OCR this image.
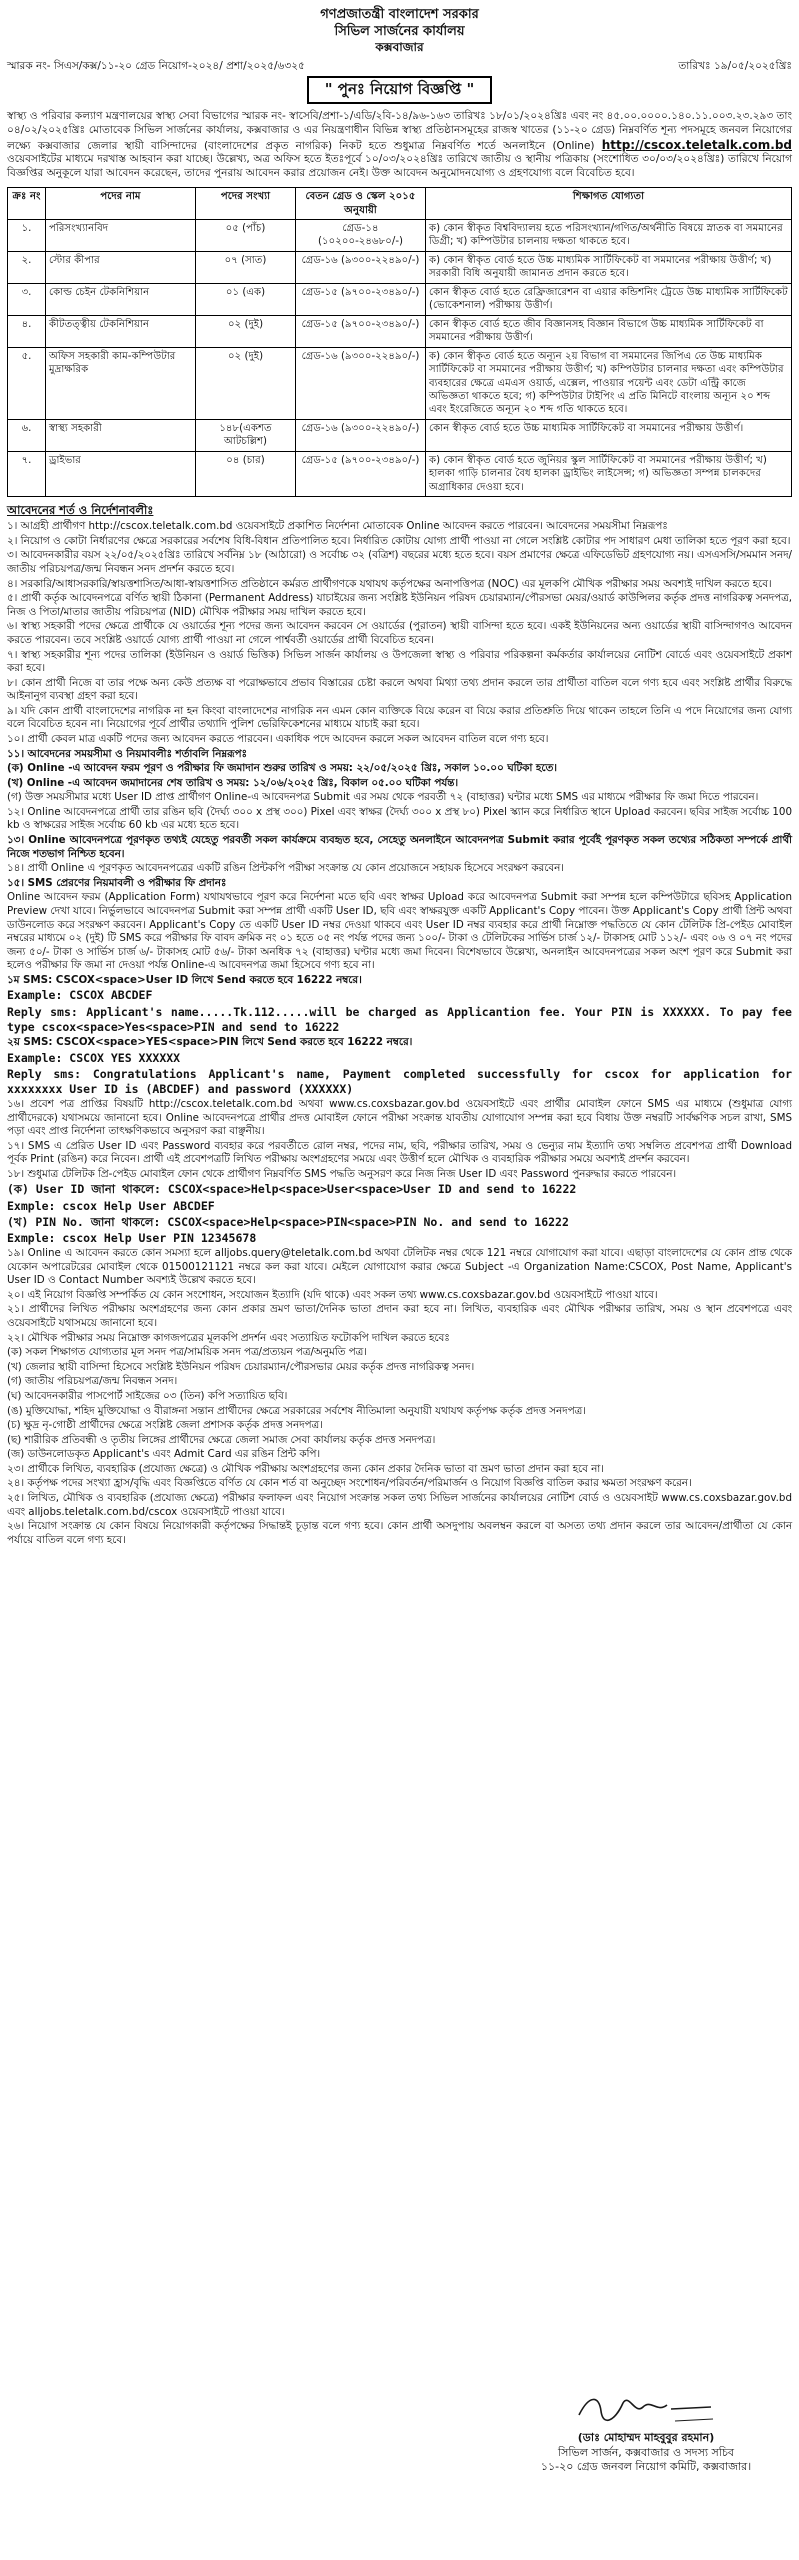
গণপ্রজাতন্ত্রী বাংলাদেশ সরকার
সিভিল সার্জনের কার্যালয়
কক্সবাজার
স্মারক নং- সিএস/কক্স/১১-২০ গ্রেড নিয়োগ-২০২৪/ প্রশা/২০২৫/৬৩২৫	তারিখঃ ১৯/০৫/২০২৫খ্রিঃ
" পুনঃ নিয়োগ বিজ্ঞপ্তি "

স্বাস্থ্য ও পরিবার কল্যাণ মন্ত্রণালয়ের স্বাস্থ্য সেবা বিভাগের স্মারক নং- স্বাসেবি/প্রশা-১/এডি/২বি-১৪/৯৬-১৬৩ তারিখঃ ১৮/০১/২০২৪খ্রিঃ এবং নং ৪৫.০০.০০০০.১৪০.১১.০০৩.২৩.২৯৩ তাং ০৪/০২/২০২৫খ্রিঃ মোতাবেক সিভিল সার্জনের কার্যালয়, কক্সবাজার ও এর নিয়ন্ত্রণাধীন বিভিন্ন স্বাস্থ্য প্রতিষ্ঠানসমূহের রাজস্ব খাতের (১১-২০ গ্রেড) নিম্নবর্ণিত শূন্য পদসমূহে জনবল নিয়োগের লক্ষ্যে কক্সবাজার জেলার স্থায়ী বাসিন্দাদের (বাংলাদেশের প্রকৃত নাগরিক) নিকট হতে শুধুমাত্র নিম্নবর্ণিত শর্তে অনলাইনে (Online) http://cscox.teletalk.com.bd ওয়েবসাইটের মাধ্যমে দরখাস্ত আহবান করা যাচ্ছে। উল্লেখ্য, অত্র অফিস হতে ইতঃপূর্বে ১০/০৩/২০২৪খ্রিঃ তারিখে জাতীয় ও স্থানীয় পত্রিকায় (সংশোধিত ৩০/০৩/২০২৪খ্রিঃ) তারিখে নিয়োগ বিজ্ঞপ্তির অনুকূলে যারা আবেদন করেছেন, তাদের পুনরায় আবেদন করার প্রয়োজন নেই। উক্ত আবেদন অনুমোদনযোগ্য ও গ্রহণযোগ্য বলে বিবেচিত হবে।

ক্রঃ নং	পদের নাম	পদের সংখ্যা	বেতন গ্রেড ও স্কেল ২০১৫ অনুযায়ী	শিক্ষাগত যোগ্যতা
১.	পরিসংখ্যানবিদ	০৫ (পাঁচ)	গ্রেড-১৪ (১০২০০-২৪৬৮০/-)	ক) কোন স্বীকৃত বিশ্ববিদ্যালয় হতে পরিসংখ্যান/গণিত/অর্থনীতি বিষয়ে স্নাতক বা সমমানের ডিগ্রী; খ) কম্পিউটার চালনায় দক্ষতা থাকতে হবে।
২.	স্টোর কীপার	০৭ (সাত)	গ্রেড-১৬ (৯৩০০-২২৪৯০/-)	ক) কোন স্বীকৃত বোর্ড হতে উচ্চ মাধ্যমিক সার্টিফিকেট বা সমমানের পরীক্ষায় উত্তীর্ণ; খ) সরকারী বিধি অনুযায়ী জামানত প্রদান করতে হবে।
৩.	কোল্ড চেইন টেকনিশিয়ান	০১ (এক)	গ্রেড-১৫ (৯৭০০-২৩৪৯০/-)	কোন স্বীকৃত বোর্ড হতে রেফ্রিজারেশন বা এয়ার কন্ডিশনিং ট্রেডে উচ্চ মাধ্যমিক সার্টিফিকেট (ভোকেশনাল) পরীক্ষায় উত্তীর্ণ।
৪.	কীটতত্ত্বীয় টেকনিশিয়ান	০২ (দুই)	গ্রেড-১৫ (৯৭০০-২৩৪৯০/-)	কোন স্বীকৃত বোর্ড হতে জীব বিজ্ঞানসহ বিজ্ঞান বিভাগে উচ্চ মাধ্যমিক সার্টিফিকেট বা সমমানের পরীক্ষায় উত্তীর্ণ।
৫.	অফিস সহকারী কাম-কম্পিউটার মুদ্রাক্ষরিক	০২ (দুই)	গ্রেড-১৬ (৯৩০০-২২৪৯০/-)	ক) কোন স্বীকৃত বোর্ড হতে অন্যূন ২য় বিভাগ বা সমমানের জিপিএ তে উচ্চ মাধ্যমিক সার্টিফিকেট বা সমমানের পরীক্ষায় উত্তীর্ণ; খ) কম্পিউটার চালনার দক্ষতা এবং কম্পিউটার ব্যবহারের ক্ষেত্রে এমএস ওয়ার্ড, এক্সেল, পাওয়ার পয়েন্ট এবং ডেটা এন্ট্রি কাজে অভিজ্ঞতা থাকতে হবে; গ) কম্পিউটার টাইপিং এ প্রতি মিনিটে বাংলায় অন্যূন ২০ শব্দ এবং ইংরেজিতে অন্যূন ২০ শব্দ গতি থাকতে হবে।
৬.	স্বাস্থ্য সহকারী	১৪৮(একশত আটচল্লিশ)	গ্রেড-১৬ (৯৩০০-২২৪৯০/-)	কোন স্বীকৃত বোর্ড হতে উচ্চ মাধ্যমিক সার্টিফিকেট বা সমমানের পরীক্ষায় উত্তীর্ণ।
৭.	ড্রাইভার	০৪ (চার)	গ্রেড-১৫ (৯৭০০-২৩৪৯০/-)	ক) কোন স্বীকৃত বোর্ড হতে জুনিয়র স্কুল সার্টিফিকেট বা সমমানের পরীক্ষায় উত্তীর্ণ; খ) হালকা গাড়ি চালনার বৈধ হালকা ড্রাইভিং লাইসেন্স; গ) অভিজ্ঞতা সম্পন্ন চালকদের অগ্রাধিকার দেওয়া হবে।
আবেদনের শর্ত ও নির্দেশনাবলীঃ

১। আগ্রহী প্রার্থীগণ http://cscox.teletalk.com.bd ওয়েবসাইটে প্রকাশিত নির্দেশনা মোতাবেক Online আবেদন করতে পারবেন। আবেদনের সময়সীমা নিম্নরূপঃ

২। নিয়োগ ও কোটা নির্ধারণের ক্ষেত্রে সরকারের সর্বশেষ বিধি-বিধান প্রতিপালিত হবে। নির্ধারিত কোটায় যোগ্য প্রার্থী পাওয়া না গেলে সংশ্লিষ্ট কোটার পদ সাধারণ মেধা তালিকা হতে পূরণ করা হবে।

৩। আবেদনকারীর বয়স ২২/০৫/২০২৫খ্রিঃ তারিখে সর্বনিম্ন ১৮ (আঠারো) ও সর্বোচ্চ ৩২ (বত্রিশ) বছরের মধ্যে হতে হবে। বয়স প্রমাণের ক্ষেত্রে এফিডেভিট গ্রহণযোগ্য নয়। এসএসসি/সমমান সনদ/জাতীয় পরিচয়পত্র/জন্ম নিবন্ধন সনদ প্রদর্শন করতে হবে।

৪। সরকারি/আধাসরকারি/স্বায়ত্তশাসিত/আধা-স্বায়ত্তশাসিত প্রতিষ্ঠানে কর্মরত প্রার্থীগণকে যথাযথ কর্তৃপক্ষের অনাপত্তিপত্র (NOC) এর মূলকপি মৌখিক পরীক্ষার সময় অবশ্যই দাখিল করতে হবে।

৫। প্রার্থী কর্তৃক আবেদনপত্রে বর্ণিত স্থায়ী ঠিকানা (Permanent Address) যাচাইয়ের জন্য সংশ্লিষ্ট ইউনিয়ন পরিষদ চেয়ারম্যান/পৌরসভা মেয়র/ওয়ার্ড কাউন্সিলর কর্তৃক প্রদত্ত নাগরিকত্ব সনদপত্র, নিজ ও পিতা/মাতার জাতীয় পরিচয়পত্র (NID) মৌখিক পরীক্ষার সময় দাখিল করতে হবে।

৬। স্বাস্থ্য সহকারী পদের ক্ষেত্রে প্রার্থীকে যে ওয়ার্ডের শূন্য পদের জন্য আবেদন করবেন সে ওয়ার্ডের (পুরাতন) স্থায়ী বাসিন্দা হতে হবে। একই ইউনিয়নের অন্য ওয়ার্ডের স্থায়ী বাসিন্দাগণও আবেদন করতে পারবেন। তবে সংশ্লিষ্ট ওয়ার্ডে যোগ্য প্রার্থী পাওয়া না গেলে পার্শ্ববর্তী ওয়ার্ডের প্রার্থী বিবেচিত হবেন।

৭। স্বাস্থ্য সহকারীর শূন্য পদের তালিকা (ইউনিয়ন ও ওয়ার্ড ভিত্তিক) সিভিল সার্জন কার্যালয় ও উপজেলা স্বাস্থ্য ও পরিবার পরিকল্পনা কর্মকর্তার কার্যালয়ের নোটিশ বোর্ডে এবং ওয়েবসাইটে প্রকাশ করা হবে।

৮। কোন প্রার্থী নিজে বা তার পক্ষে অন্য কেউ প্রত্যক্ষ বা পরোক্ষভাবে প্রভাব বিস্তারের চেষ্টা করলে অথবা মিথ্যা তথ্য প্রদান করলে তার প্রার্থীতা বাতিল বলে গণ্য হবে এবং সংশ্লিষ্ট প্রার্থীর বিরুদ্ধে আইনানুগ ব্যবস্থা গ্রহণ করা হবে।

৯। যদি কোন প্রার্থী বাংলাদেশের নাগরিক না হন কিংবা বাংলাদেশের নাগরিক নন এমন কোন ব্যক্তিকে বিয়ে করেন বা বিয়ে করার প্রতিশ্রুতি দিয়ে থাকেন তাহলে তিনি এ পদে নিয়োগের জন্য যোগ্য বলে বিবেচিত হবেন না। নিয়োগের পূর্বে প্রার্থীর তথ্যাদি পুলিশ ভেরিফিকেশনের মাধ্যমে যাচাই করা হবে।

১০। প্রার্থী কেবল মাত্র একটি পদের জন্য আবেদন করতে পারবেন। একাধিক পদে আবেদন করলে সকল আবেদন বাতিল বলে গণ্য হবে।

১১। আবেদনের সময়সীমা ও নিয়মাবলীঃ শর্তাবলি নিম্নরূপঃ

(ক) Online -এ আবেদন ফরম পূরণ ও পরীক্ষার ফি জমাদান শুরুর তারিখ ও সময়: ২২/০৫/২০২৫ খ্রিঃ, সকাল ১০.০০ ঘটিকা হতে।

(খ) Online -এ আবেদন জমাদানের শেষ তারিখ ও সময়: ১২/০৬/২০২৫ খ্রিঃ, বিকাল ০৫.০০ ঘটিকা পর্যন্ত।

(গ) উক্ত সময়সীমার মধ্যে User ID প্রাপ্ত প্রার্থীগণ Online-এ আবেদনপত্র Submit এর সময় থেকে পরবর্তী ৭২ (বাহাত্তর) ঘন্টার মধ্যে SMS এর মাধ্যমে পরীক্ষার ফি জমা দিতে পারবেন।

১২। Online আবেদনপত্রে প্রার্থী তার রঙিন ছবি (দৈর্ঘ্য ৩০০ x প্রস্থ ৩০০) Pixel এবং স্বাক্ষর (দৈর্ঘ্য ৩০০ x প্রস্থ ৮০) Pixel স্ক্যান করে নির্ধারিত স্থানে Upload করবেন। ছবির সাইজ সর্বোচ্চ 100 kb ও স্বাক্ষরের সাইজ সর্বোচ্চ 60 kb এর মধ্যে হতে হবে।

১৩। Online আবেদনপত্রে পূরণকৃত তথ্যই যেহেতু পরবর্তী সকল কার্যক্রমে ব্যবহৃত হবে, সেহেতু অনলাইনে আবেদনপত্র Submit করার পূর্বেই পূরণকৃত সকল তথ্যের সঠিকতা সম্পর্কে প্রার্থী নিজে শতভাগ নিশ্চিত হবেন।

১৪। প্রার্থী Online এ পূরণকৃত আবেদনপত্রের একটি রঙিন প্রিন্টকপি পরীক্ষা সংক্রান্ত যে কোন প্রয়োজনে সহায়ক হিসেবে সংরক্ষণ করবেন।

১৫। SMS প্রেরণের নিয়মাবলী ও পরীক্ষার ফি প্রদানঃ

Online আবেদন ফরম (Application Form) যথাযথভাবে পূরণ করে নির্দেশনা মতে ছবি এবং স্বাক্ষর Upload করে আবেদনপত্র Submit করা সম্পন্ন হলে কম্পিউটারে ছবিসহ Application Preview দেখা যাবে। নির্ভুলভাবে আবেদনপত্র Submit করা সম্পন্ন প্রার্থী একটি User ID, ছবি এবং স্বাক্ষরযুক্ত একটি Applicant's Copy পাবেন। উক্ত Applicant's Copy প্রার্থী প্রিন্ট অথবা ডাউনলোড করে সংরক্ষণ করবেন। Applicant's Copy তে একটি User ID নম্বর দেওয়া থাকবে এবং User ID নম্বর ব্যবহার করে প্রার্থী নিম্নোক্ত পদ্ধতিতে যে কোন টেলিটক প্রি-পেইড মোবাইল নম্বরের মাধ্যমে ০২ (দুই) টি SMS করে পরীক্ষার ফি বাবদ ক্রমিক নং ০১ হতে ০৫ নং পর্যন্ত পদের জন্য ১০০/- টাকা ও টেলিটকের সার্ভিস চার্জ ১২/- টাকাসহ মোট ১১২/- এবং ০৬ ও ০৭ নং পদের জন্য ৫০/- টাকা ও সার্ভিস চার্জ ৬/- টাকাসহ মোট ৫৬/- টাকা অনধিক ৭২ (বাহাত্তর) ঘণ্টার মধ্যে জমা দিবেন। বিশেষভাবে উল্লেখ্য, অনলাইন আবেদনপত্রের সকল অংশ পূরণ করে Submit করা হলেও পরীক্ষার ফি জমা না দেওয়া পর্যন্ত Online-এ আবেদনপত্র জমা হিসেবে গণ্য হবে না।

১ম SMS: CSCOX<space>User ID লিখে Send করতে হবে 16222 নম্বরে।

Example: CSCOX ABCDEF

Reply sms: Applicant's name.....Tk.112.....will be charged as Applicantion fee. Your PIN is XXXXXX. To pay fee type cscox<space>Yes<space>PIN and send to 16222

২য় SMS: CSCOX<space>YES<space>PIN লিখে Send করতে হবে 16222 নম্বরে।

Example: CSCOX YES XXXXXX

Reply sms: Congratulations Applicant's name, Payment completed successfully for cscox for application for xxxxxxxx User ID is (ABCDEF) and password (XXXXXX)

১৬। প্রবেশ পত্র প্রাপ্তির বিষয়টি http://cscox.teletalk.com.bd অথবা www.cs.coxsbazar.gov.bd ওয়েবসাইটে এবং প্রার্থীর মোবাইল ফোনে SMS এর মাধ্যমে (শুধুমাত্র যোগ্য প্রার্থীদেরকে) যথাসময়ে জানানো হবে। Online আবেদনপত্রে প্রার্থীর প্রদত্ত মোবাইল ফোনে পরীক্ষা সংক্রান্ত যাবতীয় যোগাযোগ সম্পন্ন করা হবে বিধায় উক্ত নম্বরটি সার্বক্ষণিক সচল রাখা, SMS পড়া এবং প্রাপ্ত নির্দেশনা তাৎক্ষণিকভাবে অনুসরণ করা বাঞ্ছনীয়।

১৭। SMS এ প্রেরিত User ID এবং Password ব্যবহার করে পরবর্তীতে রোল নম্বর, পদের নাম, ছবি, পরীক্ষার তারিখ, সময় ও ভেন্যুর নাম ইত্যাদি তথ্য সম্বলিত প্রবেশপত্র প্রার্থী Download পূর্বক Print (রঙিন) করে নিবেন। প্রার্থী এই প্রবেশপত্রটি লিখিত পরীক্ষায় অংশগ্রহণের সময়ে এবং উত্তীর্ণ হলে মৌখিক ও ব্যবহারিক পরীক্ষার সময়ে অবশ্যই প্রদর্শন করবেন।

১৮। শুধুমাত্র টেলিটক প্রি-পেইড মোবাইল ফোন থেকে প্রার্থীগণ নিম্নবর্ণিত SMS পদ্ধতি অনুসরণ করে নিজ নিজ User ID এবং Password পুনরুদ্ধার করতে পারবেন।

(ক) User ID জানা থাকলে: CSCOX<space>Help<space>User<space>User ID and send to 16222

Exmple: cscox Help User ABCDEF

(খ) PIN No. জানা থাকলে: CSCOX<space>Help<space>PIN<space>PIN No. and send to 16222

Exmple: cscox Help User PIN 12345678

১৯। Online এ আবেদন করতে কোন সমস্যা হলে alljobs.query@teletalk.com.bd অথবা টেলিটক নম্বর থেকে 121 নম্বরে যোগাযোগ করা যাবে। এছাড়া বাংলাদেশের যে কোন প্রান্ত থেকে যেকোন অপারেটরের মোবাইল থেকে 01500121121 নম্বরে কল করা যাবে। মেইলে যোগাযোগ করার ক্ষেত্রে Subject -এ Organization Name:CSCOX, Post Name, Applicant's User ID ও Contact Number অবশ্যই উল্লেখ করতে হবে।

২০। এই নিয়োগ বিজ্ঞপ্তি সম্পর্কিত যে কোন সংশোধন, সংযোজন ইত্যাদি (যদি থাকে) এবং সকল তথ্য www.cs.coxsbazar.gov.bd ওয়েবসাইটে পাওয়া যাবে।

২১। প্রার্থীদের লিখিত পরীক্ষায় অংশগ্রহণের জন্য কোন প্রকার ভ্রমণ ভাতা/দৈনিক ভাতা প্রদান করা হবে না। লিখিত, ব্যবহারিক এবং মৌখিক পরীক্ষার তারিখ, সময় ও স্থান প্রবেশপত্রে এবং ওয়েবসাইটে যথাসময়ে জানানো হবে।

২২। মৌখিক পরীক্ষার সময় নিম্নোক্ত কাগজপত্রের মূলকপি প্রদর্শন এবং সত্যায়িত ফটোকপি দাখিল করতে হবেঃ

(ক) সকল শিক্ষাগত যোগ্যতার মূল সনদ পত্র/সাময়িক সনদ পত্র/প্রত্যয়ন পত্র/অনুমতি পত্র।

(খ) জেলার স্থায়ী বাসিন্দা হিসেবে সংশ্লিষ্ট ইউনিয়ন পরিষদ চেয়ারম্যান/পৌরসভার মেয়র কর্তৃক প্রদত্ত নাগরিকত্ব সনদ।

(গ) জাতীয় পরিচয়পত্র/জন্ম নিবন্ধন সনদ।

(ঘ) আবেদনকারীর পাসপোর্ট সাইজের ০৩ (তিন) কপি সত্যায়িত ছবি।

(ঙ) মুক্তিযোদ্ধা, শহিদ মুক্তিযোদ্ধা ও বীরাঙ্গনা সন্তান প্রার্থীদের ক্ষেত্রে সরকারের সর্বশেষ নীতিমালা অনুযায়ী যথাযথ কর্তৃপক্ষ কর্তৃক প্রদত্ত সনদপত্র।

(চ) ক্ষুদ্র নৃ-গোষ্ঠী প্রার্থীদের ক্ষেত্রে সংশ্লিষ্ট জেলা প্রশাসক কর্তৃক প্রদত্ত সনদপত্র।

(ছ) শারীরিক প্রতিবন্ধী ও তৃতীয় লিঙ্গের প্রার্থীদের ক্ষেত্রে জেলা সমাজ সেবা কার্যালয় কর্তৃক প্রদত্ত সনদপত্র।

(জ) ডাউনলোডকৃত Applicant's এবং Admit Card এর রঙিন প্রিন্ট কপি।

২৩। প্রার্থীকে লিখিত, ব্যবহারিক (প্রযোজ্য ক্ষেত্রে) ও মৌখিক পরীক্ষায় অংশগ্রহণের জন্য কোন প্রকার দৈনিক ভাতা বা ভ্রমণ ভাতা প্রদান করা হবে না।

২৪। কর্তৃপক্ষ পদের সংখ্যা হ্রাস/বৃদ্ধি এবং বিজ্ঞপ্তিতে বর্ণিত যে কোন শর্ত বা অনুচ্ছেদ সংশোধন/পরিবর্তন/পরিমার্জন ও নিয়োগ বিজ্ঞপ্তি বাতিল করার ক্ষমতা সংরক্ষণ করেন।

২৫। লিখিত, মৌখিক ও ব্যবহারিক (প্রযোজ্য ক্ষেত্রে) পরীক্ষার ফলাফল এবং নিয়োগ সংক্রান্ত সকল তথ্য সিভিল সার্জনের কার্যালয়ের নোটিশ বোর্ড ও ওয়েবসাইট www.cs.coxsbazar.gov.bd এবং alljobs.teletalk.com.bd/cscox ওয়েবসাইটে পাওয়া যাবে।

২৬। নিয়োগ সংক্রান্ত যে কোন বিষয়ে নিয়োগকারী কর্তৃপক্ষের সিদ্ধান্তই চূড়ান্ত বলে গণ্য হবে। কোন প্রার্থী অসদুপায় অবলম্বন করলে বা অসত্য তথ্য প্রদান করলে তার আবেদন/প্রার্থীতা যে কোন পর্যায়ে বাতিল বলে গণ্য হবে।

(ডাঃ মোহাম্মদ মাহবুবুর রহমান)
সিভিল সার্জন, কক্সবাজার ও সদস্য সচিব
১১-২০ গ্রেড জনবল নিয়োগ কমিটি, কক্সবাজার।
